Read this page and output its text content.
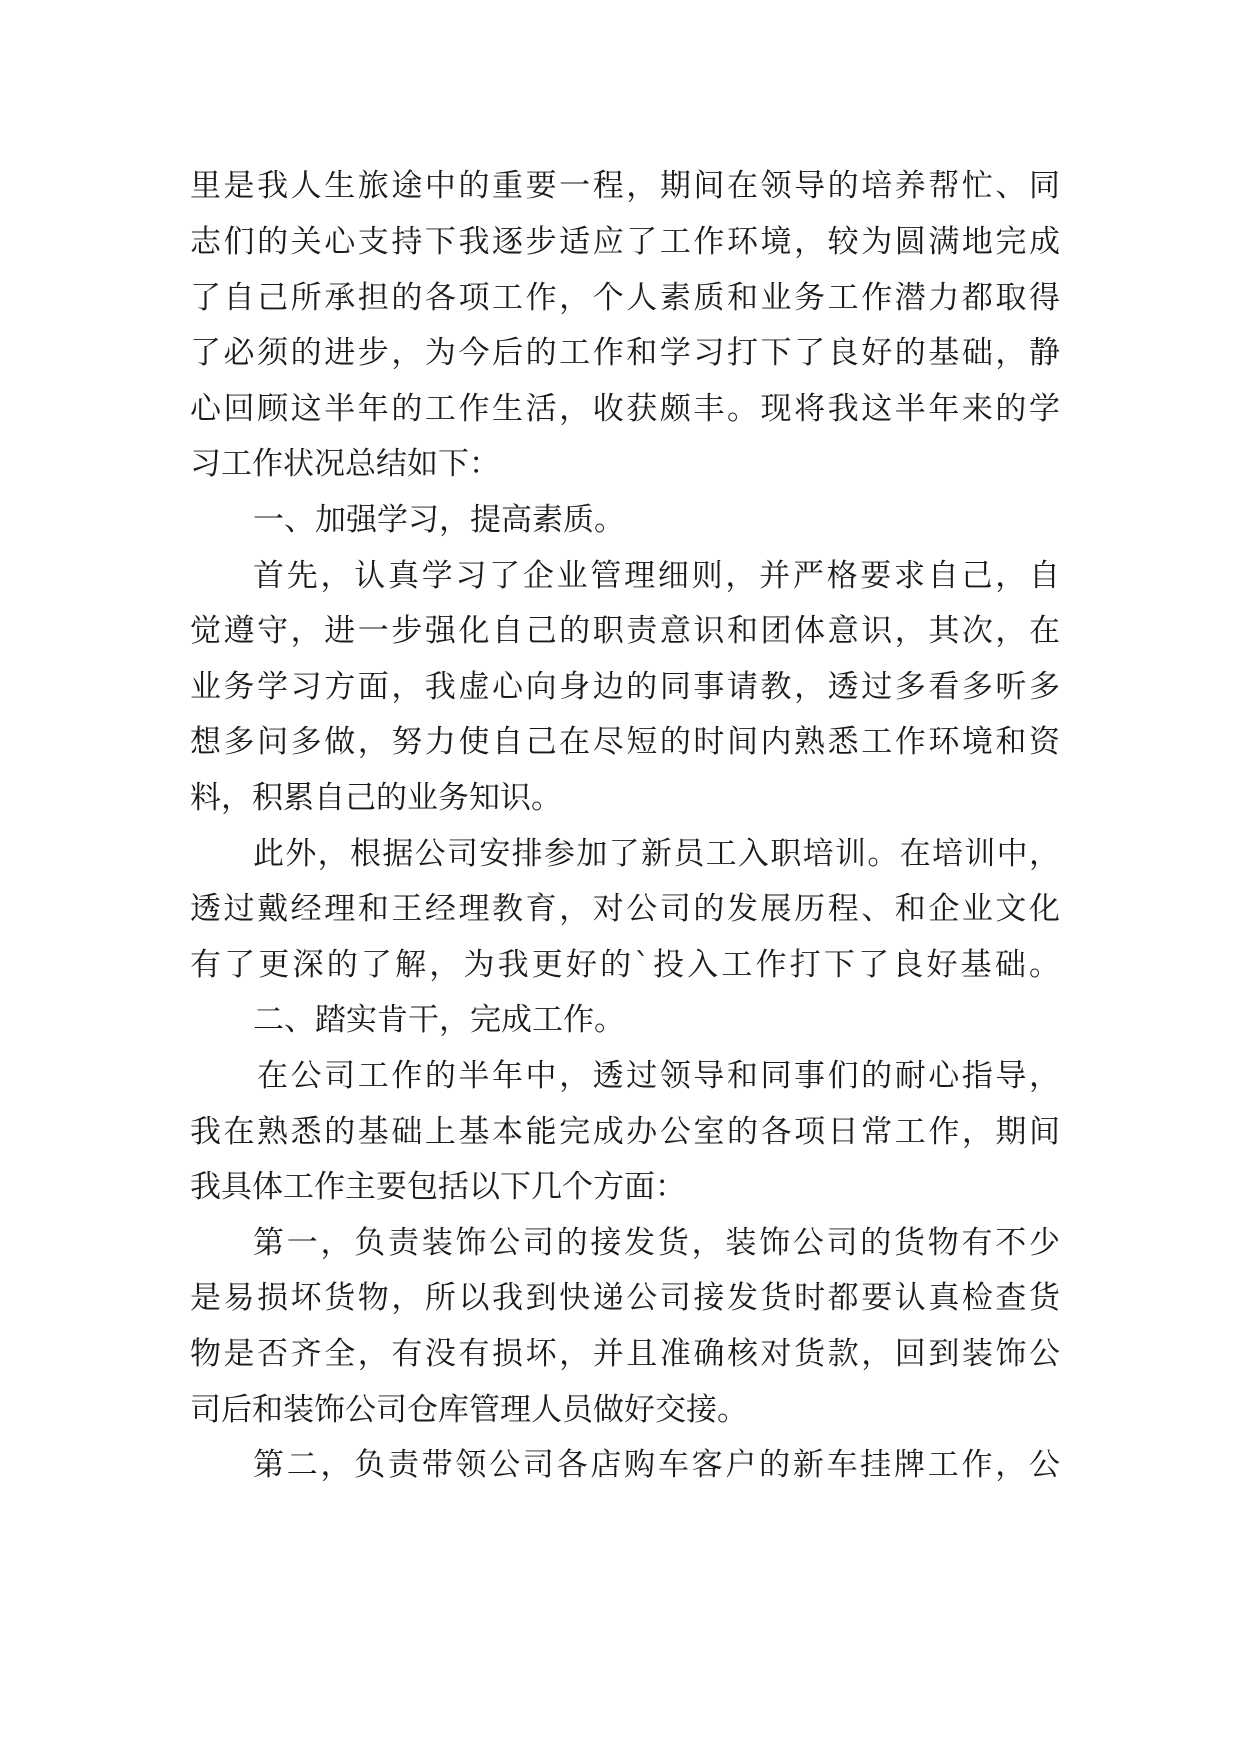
里是我人生旅途中的重要一程，期间在领导的培养帮忙、同
志们的关心支持下我逐步适应了工作环境，较为圆满地完成
了自己所承担的各项工作，个人素质和业务工作潜力都取得
了必须的进步，为今后的工作和学习打下了良好的基础，静
心回顾这半年的工作生活，收获颇丰。现将我这半年来的学
习工作状况总结如下：
一、加强学习，提高素质。
首先，认真学习了企业管理细则，并严格要求自己，自
觉遵守，进一步强化自己的职责意识和团体意识，其次，在
业务学习方面，我虚心向身边的同事请教，透过多看多听多
想多问多做，努力使自己在尽短的时间内熟悉工作环境和资
料，积累自己的业务知识。
此外，根据公司安排参加了新员工入职培训。在培训中，
透过戴经理和王经理教育，对公司的发展历程、和企业文化
有了更深的了解，为我更好的`投入工作打下了良好基础。
二、踏实肯干，完成工作。
在公司工作的半年中，透过领导和同事们的耐心指导，
我在熟悉的基础上基本能完成办公室的各项日常工作，期间
我具体工作主要包括以下几个方面：
第一，负责装饰公司的接发货，装饰公司的货物有不少
是易损坏货物，所以我到快递公司接发货时都要认真检查货
物是否齐全，有没有损坏，并且准确核对货款，回到装饰公
司后和装饰公司仓库管理人员做好交接。
第二，负责带领公司各店购车客户的新车挂牌工作，公
